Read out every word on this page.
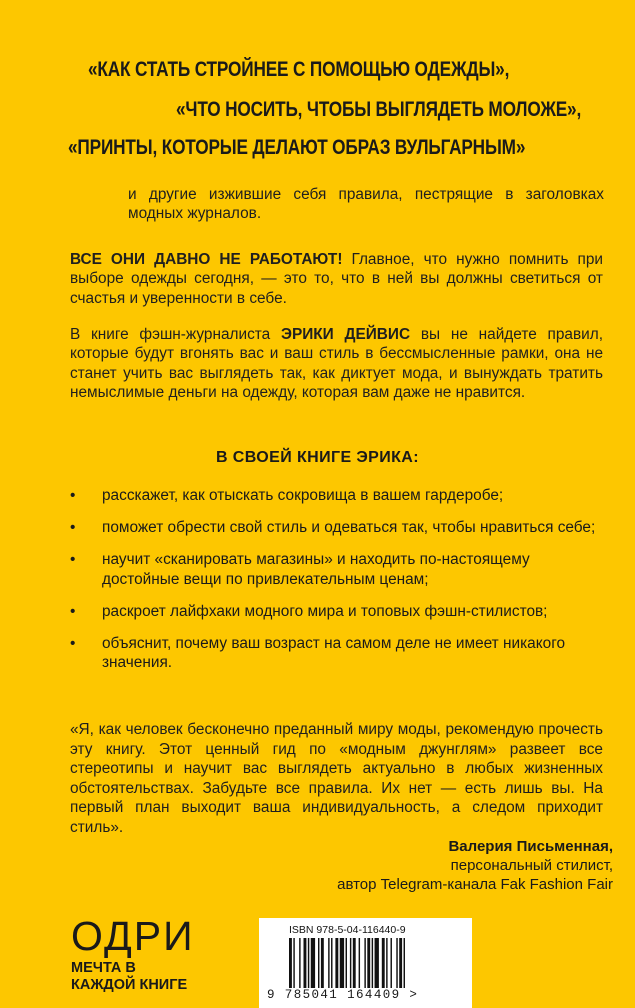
«КАК СТАТЬ СТРОЙНЕЕ С ПОМОЩЬЮ ОДЕЖДЫ»,
«ЧТО НОСИТЬ, ЧТОБЫ ВЫГЛЯДЕТЬ МОЛОЖЕ»,
«ПРИНТЫ, КОТОРЫЕ ДЕЛАЮТ ОБРАЗ ВУЛЬГАРНЫМ»
и другие изжившие себя правила, пестрящие в заголовках модных журналов.
ВСЕ ОНИ ДАВНО НЕ РАБОТАЮТ! Главное, что нужно помнить при выборе одежды сегодня, — это то, что в ней вы должны светиться от счастья и уверенности в себе.
В книге фэшн-журналиста ЭРИКИ ДЕЙВИС вы не найдете правил, которые будут вгонять вас и ваш стиль в бессмысленные рамки, она не станет учить вас выглядеть так, как диктует мода, и вынуждать тратить немыслимые деньги на одежду, которая вам даже не нравится.
В СВОЕЙ КНИГЕ ЭРИКА:
• расскажет, как отыскать сокровища в вашем гардеробе;
• поможет обрести свой стиль и одеваться так, чтобы нравиться себе;
• научит «сканировать магазины» и находить по-настоящему достойные вещи по привлекательным ценам;
• раскроет лайфхаки модного мира и топовых фэшн-стилистов;
• объяснит, почему ваш возраст на самом деле не имеет никакого значения.
«Я, как человек бесконечно преданный миру моды, рекомендую прочесть эту книгу. Этот ценный гид по «модным джунглям» развеет все стереотипы и научит вас выглядеть актуально в любых жизненных обстоятельствах. Забудьте все правила. Их нет — есть лишь вы. На первый план выходит ваша индивидуальность, а следом приходит стиль».
Валерия Письменная,
персональный стилист,
автор Telegram-канала Fak Fashion Fair
ОДРИ
МЕЧТА В КАЖДОЙ КНИГЕ
ISBN 978-5-04-116440-9
9 785041 164409 >
